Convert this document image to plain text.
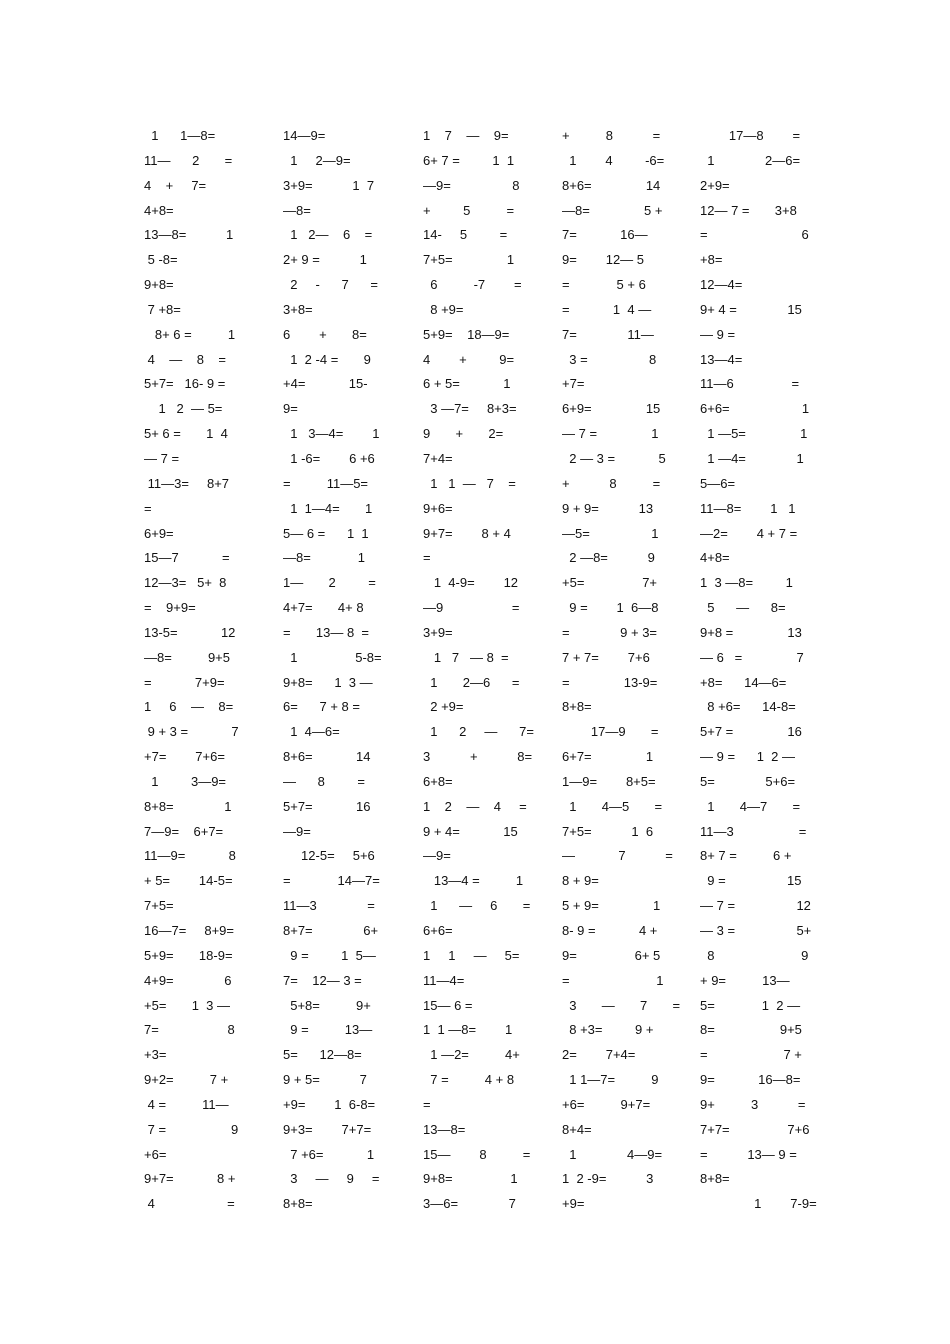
1      1—8=
11—      2       =
4    +     7=
4+8=
13—8=           1
5 -8=
9+8=
7 +8=
8+ 6 =          1
4    —    8    =
5+7=   16- 9 =
1   2  — 5=
5+ 6 =       1  4
— 7 =
11—3=     8+7
=
6+9=
15—7            =
12—3=   5+  8
=    9+9=
13-5=            12
—8=          9+5
=            7+9=
1     6    —    8=
9 + 3 =            7
+7=        7+6=
1         3—9=
8+8=              1
7—9=    6+7=
11—9=            8
+ 5=        14-5=
7+5=
16—7=     8+9=
5+9=       18-9=
4+9=              6
+5=       1  3 —
7=                   8
+3=
9+2=          7 +
4 =          11—
7 =                  9
+6=
9+7=            8 +
4                    =
14—9=
1     2—9=
3+9=           1  7
—8=
1   2—    6    =
2+ 9 =           1
2     -      7      =
3+8=
6        +       8=
1  2 -4 =       9
+4=            15-
9=
1   3—4=        1
1 -6=        6 +6
=          11—5=
1  1—4=       1
5— 6 =      1  1
—8=             1
1—       2         =
4+7=       4+ 8
=       13— 8  =
1                5-8=
9+8=      1  3 —
6=      7 + 8 =
1  4—6=
8+6=            14
—      8         =
5+7=            16
—9=
12-5=     5+6
=             14—7=
11—3              =
8+7=              6+
9 =         1  5—
7=    12— 3 =
5+8=          9+
9 =          13—
5=      12—8=
9 + 5=           7
+9=        1  6-8=
9+3=        7+7=
7 +6=            1
3     —     9     =
8+8=
1    7    —    9=
6+ 7 =         1  1
—9=                 8
+         5          =
14-     5         =
7+5=               1
6          -7        =
8 +9=
5+9=    18—9=
4        +         9=
6 + 5=            1
3 —7=     8+3=
9       +       2=
7+4=
1   1  —   7    =
9+6=
9+7=        8 + 4
=
1  4-9=        12
—9                   =
3+9=
1   7   — 8  =
1       2—6      =
2 +9=
1      2     —      7=
3           +           8=
6+8=
1    2    —    4     =
9 + 4=            15
—9=
13—4 =          1
1      —     6       =
6+6=
1     1     —     5=
11—4=
15— 6 =
1  1 —8=        1
1 —2=          4+
7 =          4 + 8
=
13—8=
15—        8          =
9+8=                1
3—6=              7
+          8           =
1        4         -6=
8+6=               14
—8=               5 +
7=            16—
9=        12— 5
=             5 + 6
=            1  4 —
7=              11—
3 =                 8
+7=
6+9=               15
— 7 =               1
2 — 3 =            5
+           8          =
9 + 9=           13
—5=                 1
2 —8=           9
+5=                7+
9 =        1  6—8
=              9 + 3=
7 + 7=        7+6
=               13-9=
8+8=
17—9       =
6+7=               1
1—9=        8+5=
1       4—5       =
7+5=           1  6
—            7           =
8 + 9=
5 + 9=               1
8- 9 =            4 +
9=                6+ 5
=                        1
3       —       7       =
8 +3=         9 +
2=        7+4=
1 1—7=          9
+6=          9+7=
8+4=
1              4—9=
1  2 -9=           3
+9=
17—8        =
1              2—6=
2+9=
12— 7 =       3+8
=                          6
+8=
12—4=
9+ 4 =              15
— 9 =
13—4=
11—6                =
6+6=                    1
1 —5=               1
1 —4=              1
5—6=
11—8=        1   1
—2=        4 + 7 =
4+8=
1  3 —8=         1
5      —      8=
9+8 =               13
— 6   =               7
+8=      14—6=
8 +6=      14-8=
5+7 =               16
— 9 =      1  2 —
5=              5+6=
1       4—7       =
11—3                  =
8+ 7 =          6 +
9 =                 15
— 7 =                 12
— 3 =                 5+
8                        9
+ 9=          13—
5=             1  2 —
8=                  9+5
=                     7 +
9=            16—8=
9+          3           =
7+7=                7+6
=           13— 9 =
8+8=
1        7-9=
